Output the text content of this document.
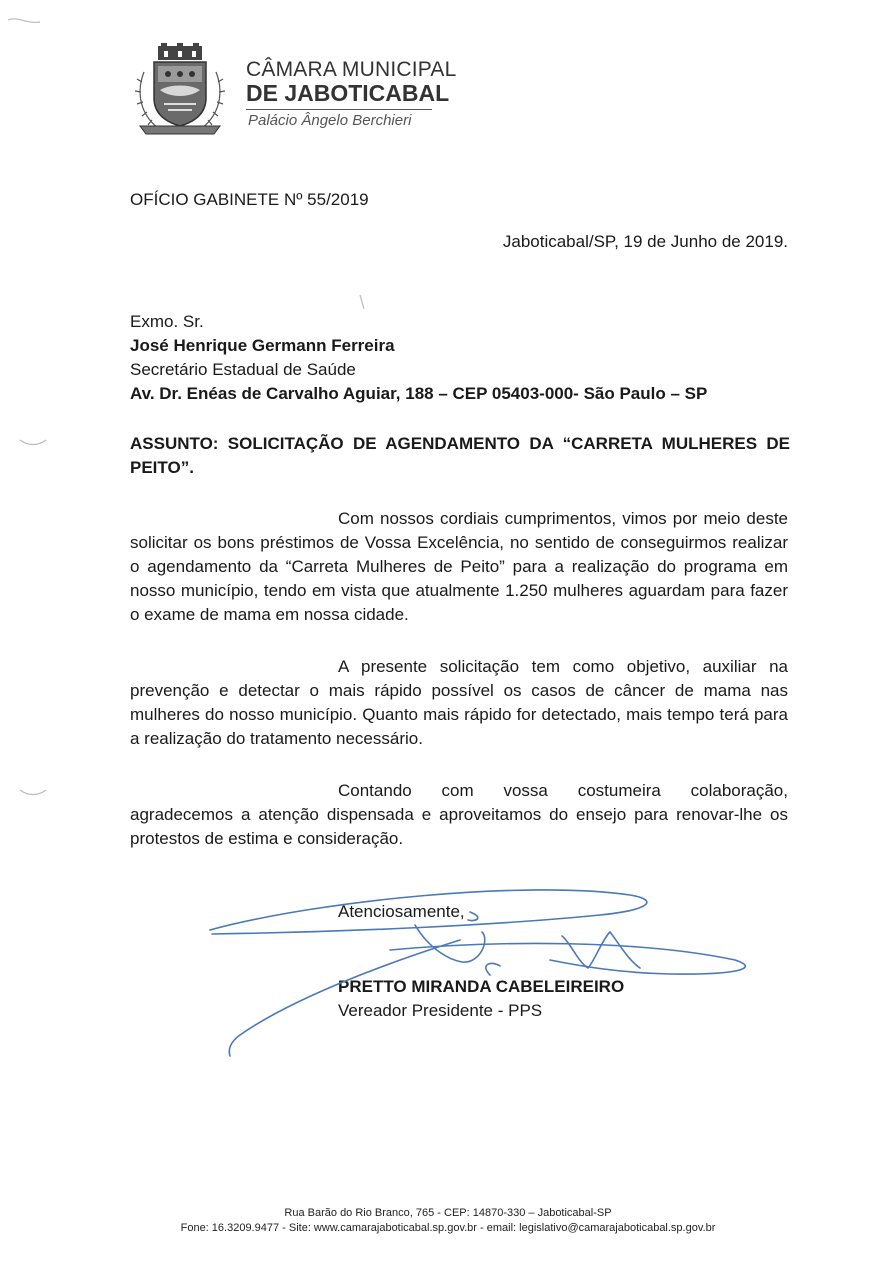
CÂMARA MUNICIPAL
DE JABOTICABAL
Palácio Ângelo Berchieri
OFÍCIO GABINETE Nº 55/2019
Jaboticabal/SP, 19 de Junho de 2019.
Exmo. Sr.
José Henrique Germann Ferreira
Secretário Estadual de Saúde
Av. Dr. Enéas de Carvalho Aguiar, 188 – CEP 05403-000- São Paulo – SP
ASSUNTO: SOLICITAÇÃO DE AGENDAMENTO DA “CARRETA MULHERES DE PEITO”.
Com nossos cordiais cumprimentos, vimos por meio deste solicitar os bons préstimos de Vossa Excelência, no sentido de conseguirmos realizar o agendamento da “Carreta Mulheres de Peito” para a realização do programa em nosso município, tendo em vista que atualmente 1.250 mulheres aguardam para fazer o exame de mama em nossa cidade.
A presente solicitação tem como objetivo, auxiliar na prevenção e detectar o mais rápido possível os casos de câncer de mama nas mulheres do nosso município. Quanto mais rápido for detectado, mais tempo terá para a realização do tratamento necessário.
Contando com vossa costumeira colaboração, agradecemos a atenção dispensada e aproveitamos do ensejo para renovar-lhe os protestos de estima e consideração.
Atenciosamente,
PRETTO MIRANDA CABELEIREIRO
Vereador Presidente - PPS
Rua Barão do Rio Branco, 765 - CEP: 14870-330 – Jaboticabal-SP
Fone: 16.3209.9477 - Site: www.camarajaboticabal.sp.gov.br - email: legislativo@camarajaboticabal.sp.gov.br
